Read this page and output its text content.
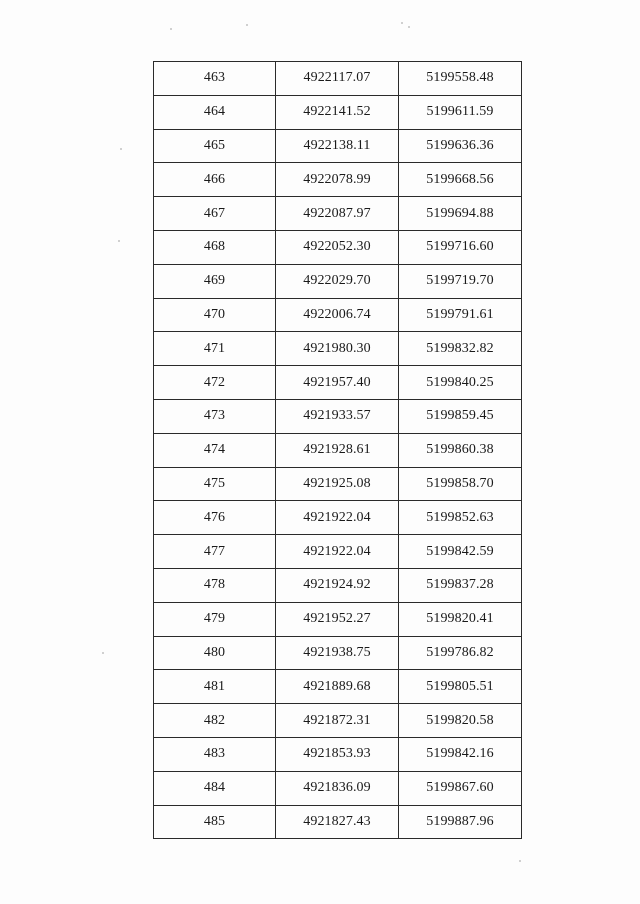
463	4922117.07	5199558.48
464	4922141.52	5199611.59
465	4922138.11	5199636.36
466	4922078.99	5199668.56
467	4922087.97	5199694.88
468	4922052.30	5199716.60
469	4922029.70	5199719.70
470	4922006.74	5199791.61
471	4921980.30	5199832.82
472	4921957.40	5199840.25
473	4921933.57	5199859.45
474	4921928.61	5199860.38
475	4921925.08	5199858.70
476	4921922.04	5199852.63
477	4921922.04	5199842.59
478	4921924.92	5199837.28
479	4921952.27	5199820.41
480	4921938.75	5199786.82
481	4921889.68	5199805.51
482	4921872.31	5199820.58
483	4921853.93	5199842.16
484	4921836.09	5199867.60
485	4921827.43	5199887.96
